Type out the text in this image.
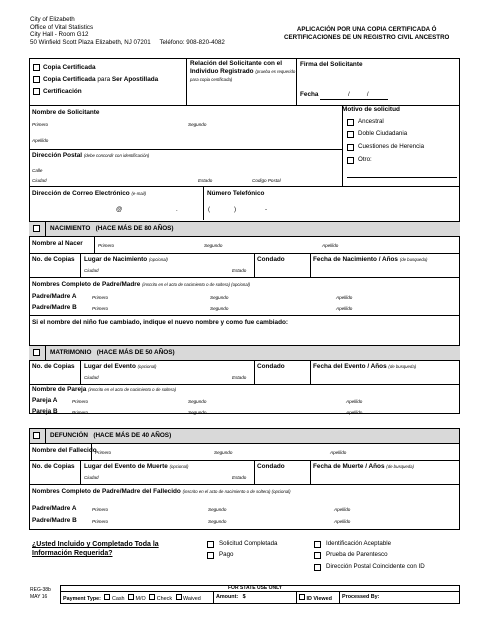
City of Elizabeth
Office of Vital Statistics
City Hall - Room G12
50 Winfield Scott Plaza Elizabeth, NJ 07201 Teléfono: 908-820-4082
APLICACIÓN POR UNA COPIA CERTIFICADA Ó
CERTIFICACIONES DE UN REGISTRO CIVIL ANCESTRO
Copia Certificada
Copia Certificada para Ser Apostillada
Certificación
Relación del Solicitante con el Individuo Registrado (prueba es requerido para copia certificada)
Firma del Solicitante
Fecha	/          /
Nombre de Solicitante
Primero	Segundo
Apellido
Motivo de solicitud
Ancestral
Doble Ciudadania
Cuestiones de Herencia
Otro:
Dirección Postal (debe concordir con identificación)
Calle
Ciudad	Estado	Codigo Postal
Dirección de Correo Electrónico (e-mail)
@	.
Número Telefónico
(	)	-
NACIMIENTO   (HACE MÁS DE 80 AÑOS)
Nombre al Nacer	Primero	Segundo	Apellido
No. de Copias Lugar de Nacimiento (opcional)
Ciudad	Estado
Condado	Fecha de Nacimiento / Años (de busqueda)
Nombres Completo de Padre/Madre (inscrito en el acto de nacimiento o de soltera) (opcional)
Padre/Madre A	Primero	Segundo	Apellido
Padre/Madre B	Primero	Segundo	Apellido
Si el nombre del niño fue cambiado, indique el nuevo nombre y como fue cambiado:
MATRIMONIO   (HACE MÁS DE 50 AÑOS)
No. de Copias Lugar del Evento (opcional)
Ciudad	Estado
Condado	Fecha del Evento / Años (de busqueda)
Nombre de Pareja (inscrito en el acto de nacimiento o de soltera)
Pareja A	Primero	Segundo	Apellido
Pareja B	Primero	Segundo	Apellido
DEFUNCIÓN   (HACE MÁS DE 40 AÑOS)
Nombre del Fallecido
Primero	Segundo	Apellido
No. de Copias Lugar del Evento de Muerte (opcional)
Ciudad	Estado
Condado	Fecha de Muerte / Años (de busqueda)
Nombres Completo de Padre/Madre del Fallecido (inscrito en el acto de nacimiento o de soltera) (opcional)
Padre/Madre A	Primero	Segundo	Apellido
Padre/Madre B	Primero	Segundo	Apellido
¿Usted Incluido y Completado Toda la
Información Requerida?
Solicitud Completada
Pago
Identificación Aceptable
Prueba de Parentesco
Dirección Postal Coincidente con ID
REG-38b
MAY 16
FOR STATE USE ONLY
Payment Type: Cash M/O Check Waived	Amount: $	ID Viewed Processed By:
